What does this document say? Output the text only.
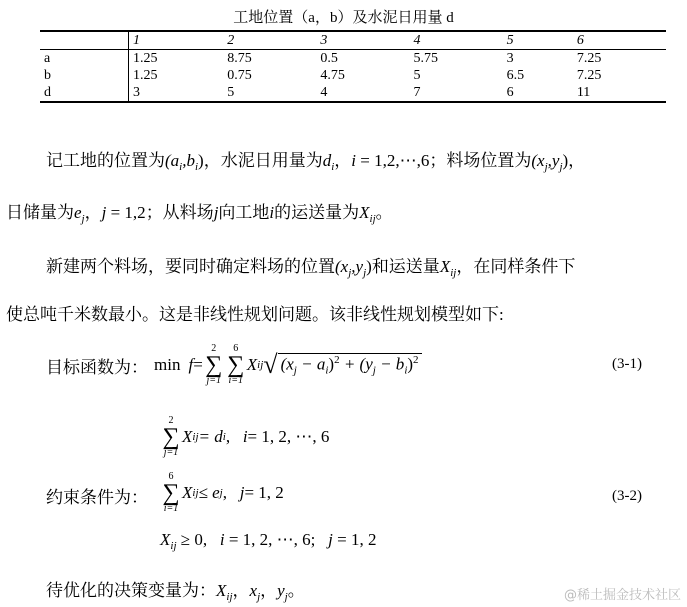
工地位置（a，b）及水泥日用量 d
	1	2	3	4	5	6
a	1.25	8.75	0.5	5.75	3	7.25
b	1.25	0.75	4.75	5	6.5	7.25
d	3	5	4	7	6	11
记工地的位置为$(a_i,b_i)$，水泥日用量为$d_i$，i = 1,2,⋯,6；料场位置为$(x_j,y_j)$，
日储量为$e_j$，j = 1,2；从料场j向工地i的运送量为$X_{ij}$。
新建两个料场，要同时确定料场的位置$(x_j,y_j)$和运送量$X_{ij}$，在同样条件下
使总吨千米数最小。这是非线性规划问题。该非线性规划模型如下:
目标函数为： min f =
2
∑
j=1
6
∑
i=1
X ij √ $(x_j - a_i)^2 + (y_j - b_i)^2$	(3-1)
2
∑
j=1
X ij = d i , i = 1, 2, ⋯, 6
约束条件为：
6
∑
i=1
X ij ≤ e j , j = 1, 2	(3-2)
$X_{ij} \ge 0$,   i = 1, 2, ⋯, 6;   j = 1, 2
待优化的决策变量为：$X_{ij}$，$x_j$，$y_j$。	@稀土掘金技术社区
